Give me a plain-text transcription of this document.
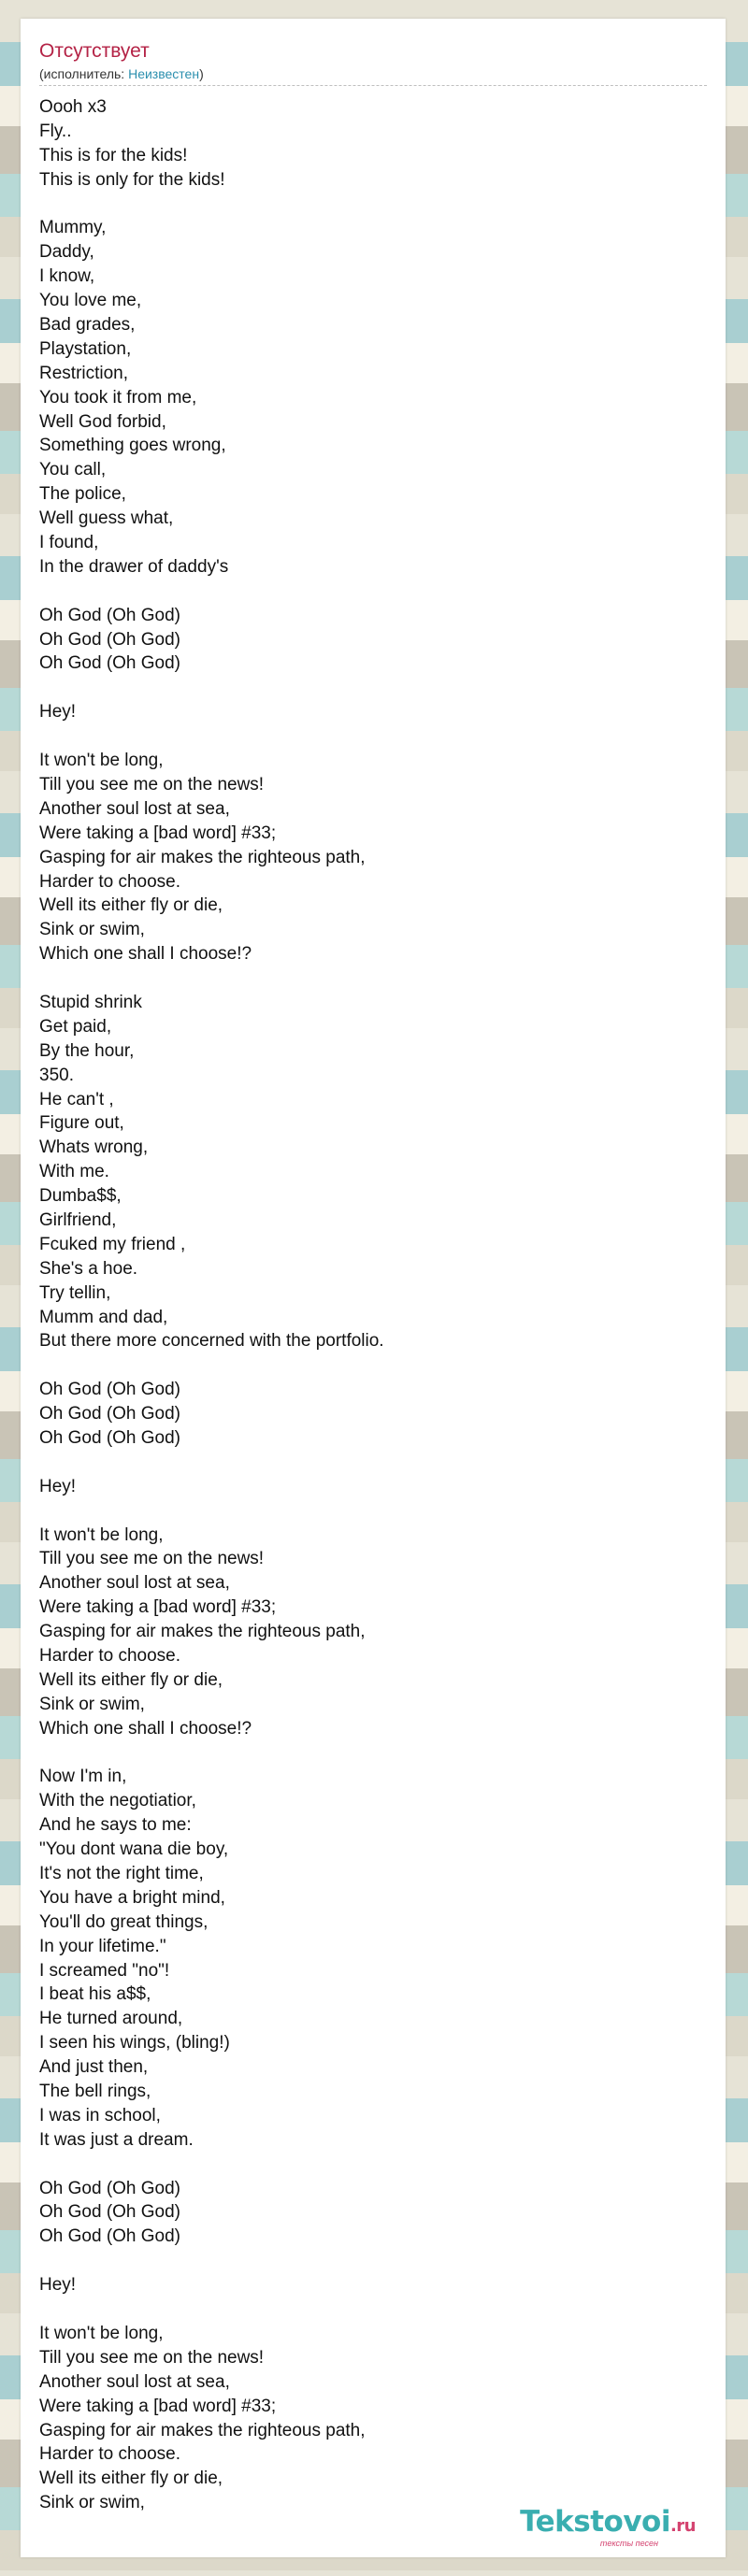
Отсутствует
(исполнитель: Неизвестен)
Oooh x3
Fly..
This is for the kids!
This is only for the kids!
Mummy,
Daddy,
I know,
You love me,
Bad grades,
Playstation,
Restriction,
You took it from me,
Well God forbid,
Something goes wrong,
You call,
The police,
Well guess what,
I found,
In the drawer of daddy's
Oh God (Oh God)
Oh God (Oh God)
Oh God (Oh God)
Hey!
It won't be long,
Till you see me on the news!
Another soul lost at sea,
Were taking a [bad word] #33;
Gasping for air makes the righteous path,
Harder to choose.
Well its either fly or die,
Sink or swim,
Which one shall I choose!?
Stupid shrink
Get paid,
By the hour,
350.
He can't ,
Figure out,
Whats wrong,
With me.
Dumba$$,
Girlfriend,
Fcuked my friend ,
She's a hoe.
Try tellin,
Mumm and dad,
But there more concerned with the portfolio.
Oh God (Oh God)
Oh God (Oh God)
Oh God (Oh God)
Hey!
It won't be long,
Till you see me on the news!
Another soul lost at sea,
Were taking a [bad word] #33;
Gasping for air makes the righteous path,
Harder to choose.
Well its either fly or die,
Sink or swim,
Which one shall I choose!?
Now I'm in,
With the negotiatior,
And he says to me:
"You dont wana die boy,
It's not the right time,
You have a bright mind,
You'll do great things,
In your lifetime."
I screamed "no"!
I beat his a$$,
He turned around,
I seen his wings, (bling!)
And just then,
The bell rings,
I was in school,
It was just a dream.
Oh God (Oh God)
Oh God (Oh God)
Oh God (Oh God)
Hey!
It won't be long,
Till you see me on the news!
Another soul lost at sea,
Were taking a [bad word] #33;
Gasping for air makes the righteous path,
Harder to choose.
Well its either fly or die,
Sink or swim,
Tekstovoi.ru
тексты песен
